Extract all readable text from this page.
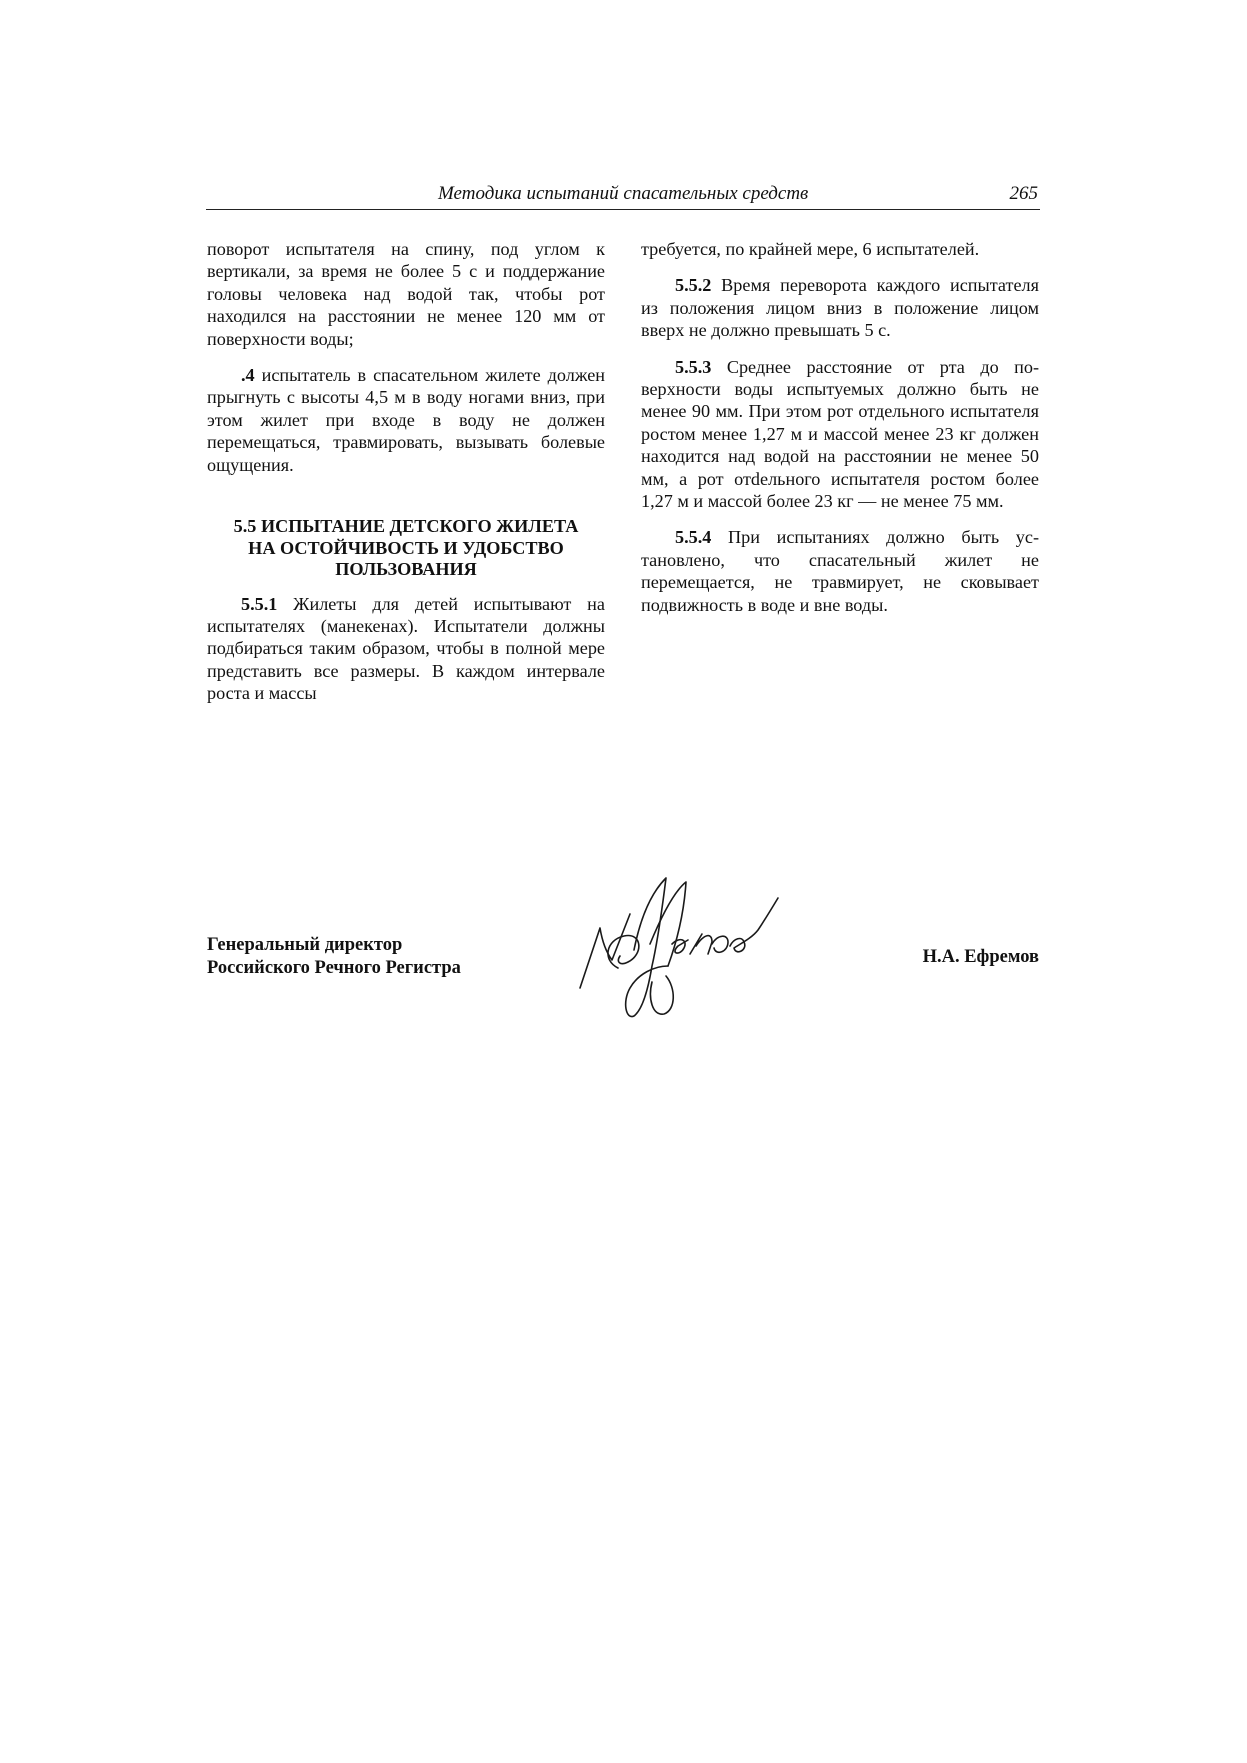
Методика испытаний спасательных средств	265

поворот испытателя на спину, под углом к вертикали, за время не более 5 с и поддержание головы человека над водой так, чтобы рот находился на расстоянии не менее 120 мм от поверхности воды;

.4 испытатель в спасательном жилете должен прыгнуть с высоты 4,5 м в воду ногами вниз, при этом жилет при входе в воду не должен перемещаться, травмировать, вызывать болевые ощущения.

5.5 ИСПЫТАНИЕ ДЕТСКОГО ЖИЛЕТА
НА ОСТОЙЧИВОСТЬ И УДОБСТВО
ПОЛЬЗОВАНИЯ

5.5.1 Жилеты для детей испытывают на испытателях (манекенах). Испытатели должны подбираться таким образом, чтобы в полной мере представить все размеры. В каждом интервале роста и массы

требуется, по крайней мере, 6 испытателей.

5.5.2 Время переворота каждого испытателя из положения лицом вниз в положение лицом вверх не должно превышать 5 с.

5.5.3 Среднее расстояние от рта до поверхности воды испытуемых должно быть не менее 90 мм. При этом рот отдельного испытателя ростом менее 1,27 м и массой менее 23 кг должен находится над водой на расстоянии не менее 50 мм, а рот отdельного испытателя ростом более 1,27 м и массой более 23 кг — не менее 75 мм.

5.5.4 При испытаниях должно быть установлено, что спасательный жилет не перемещается, не травмирует, не сковывает подвижность в воде и вне воды.

Генеральный директор
Российского Речного Регистра
Н.А. Ефремов
